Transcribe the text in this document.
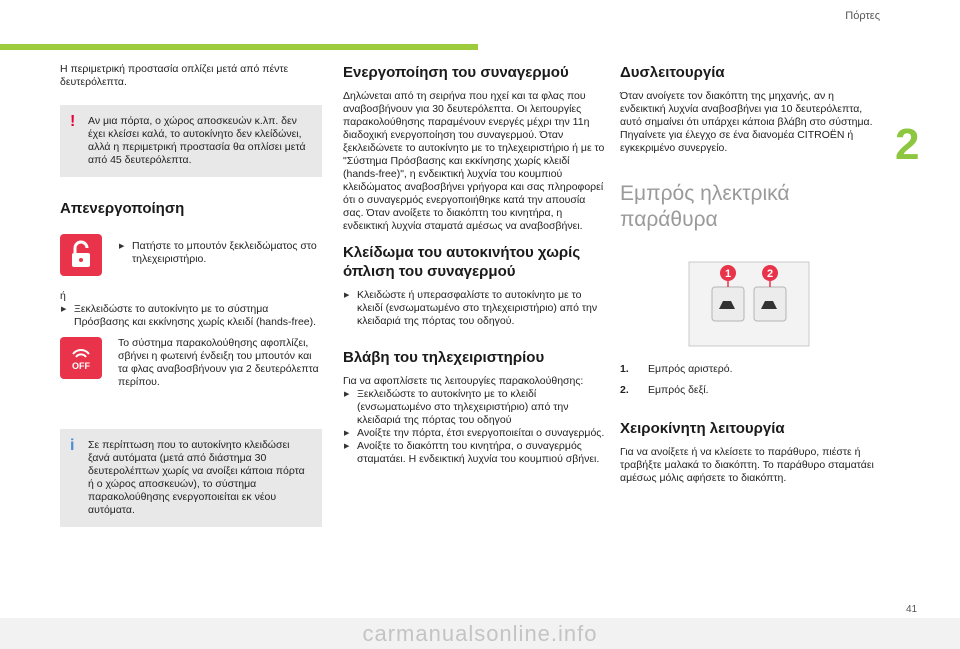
Πόρτες
2

Η περιμετρική προστασία οπλίζει μετά από πέντε δευτερόλεπτα.

! Αν μια πόρτα, ο χώρος αποσκευών κ.λπ. δεν έχει κλείσει καλά, το αυτοκίνητο δεν κλείδώνει, αλλά η περιμετρική προστασία θα οπλίσει μετά από 45 δευτερόλεπτα.

Απενεργοποίηση

▶ Πατήστε το μπουτόν ξεκλειδώματος στο τηλεχειριστήριο.

ή

▶ Ξεκλειδώστε το αυτοκίνητο με το σύστημα Πρόσβασης και εκκίνησης χωρίς κλειδί (hands-free).

OFF

Το σύστημα παρακολούθησης αφοπλίζει, σβήνει η φωτεινή ένδειξη του μπουτόν και τα φλας αναβοσβήνουν για 2 δευτερόλεπτα περίπου.

i Σε περίπτωση που το αυτοκίνητο κλειδώσει ξανά αυτόματα (μετά από διάστημα 30 δευτερολέπτων χωρίς να ανοίξει κάποια πόρτα ή ο χώρος αποσκευών), το σύστημα παρακολούθησης ενεργοποιείται εκ νέου αυτόματα.

Ενεργοποίηση του συναγερμού

Δηλώνεται από τη σειρήνα που ηχεί και τα φλας που αναβοσβήνουν για 30 δευτερόλεπτα. Οι λειτουργίες παρακολούθησης παραμένουν ενεργές μέχρι την 11η διαδοχική ενεργοποίηση του συναγερμού. Όταν ξεκλειδώνετε το αυτοκίνητο με το τηλεχειριστήριο ή με το "Σύστημα Πρόσβασης και εκκίνησης χωρίς κλειδί (hands-free)", η ενδεικτική λυχνία του κουμπιού κλειδώματος αναβοσβήνει γρήγορα και σας πληροφορεί ότι ο συναγερμός ενεργοποιήθηκε κατά την απουσία σας. Όταν ανοίξετε το διακόπτη του κινητήρα, η ενδεικτική λυχνία σταματά αμέσως να αναβοσβήνει.

Κλείδωμα του αυτοκινήτου χωρίς όπλιση του συναγερμού

▶ Κλειδώστε ή υπερασφαλίστε το αυτοκίνητο με το κλειδί (ενσωματωμένο στο τηλεχειριστήριο) από την κλειδαριά της πόρτας του οδηγού.

Βλάβη του τηλεχειριστηρίου

Για να αφοπλίσετε τις λειτουργίες παρακολούθησης:

▶ Ξεκλειδώστε το αυτοκίνητο με το κλειδί (ενσωματωμένο στο τηλεχειριστήριο) από την κλειδαριά της πόρτας του οδηγού

▶ Ανοίξτε την πόρτα, έτσι ενεργοποιείται ο συναγερμός.

▶ Ανοίξτε το διακόπτη του κινητήρα, ο συναγερμός σταματάει. Η ενδεικτική λυχνία του κουμπιού σβήνει.

Δυσλειτουργία

Όταν ανοίγετε τον διακόπτη της μηχανής, αν η ενδεικτική λυχνία αναβοσβήνει για 10 δευτερόλεπτα, αυτό σημαίνει ότι υπάρχει κάποια βλάβη στο σύστημα. Πηγαίνετε για έλεγχο σε ένα διανομέα CITROËN ή εγκεκριμένο συνεργείο.

Εμπρός ηλεκτρικά παράθυρα
1	2
1.	Εμπρός αριστερό.
2.	Εμπρός δεξί.
Χειροκίνητη λειτουργία

Για να ανοίξετε ή να κλείσετε το παράθυρο, πιέστε ή τραβήξτε μαλακά το διακόπτη. Το παράθυρο σταματάει αμέσως μόλις αφήσετε το διακόπτη.

41
carmanualsonline.info
